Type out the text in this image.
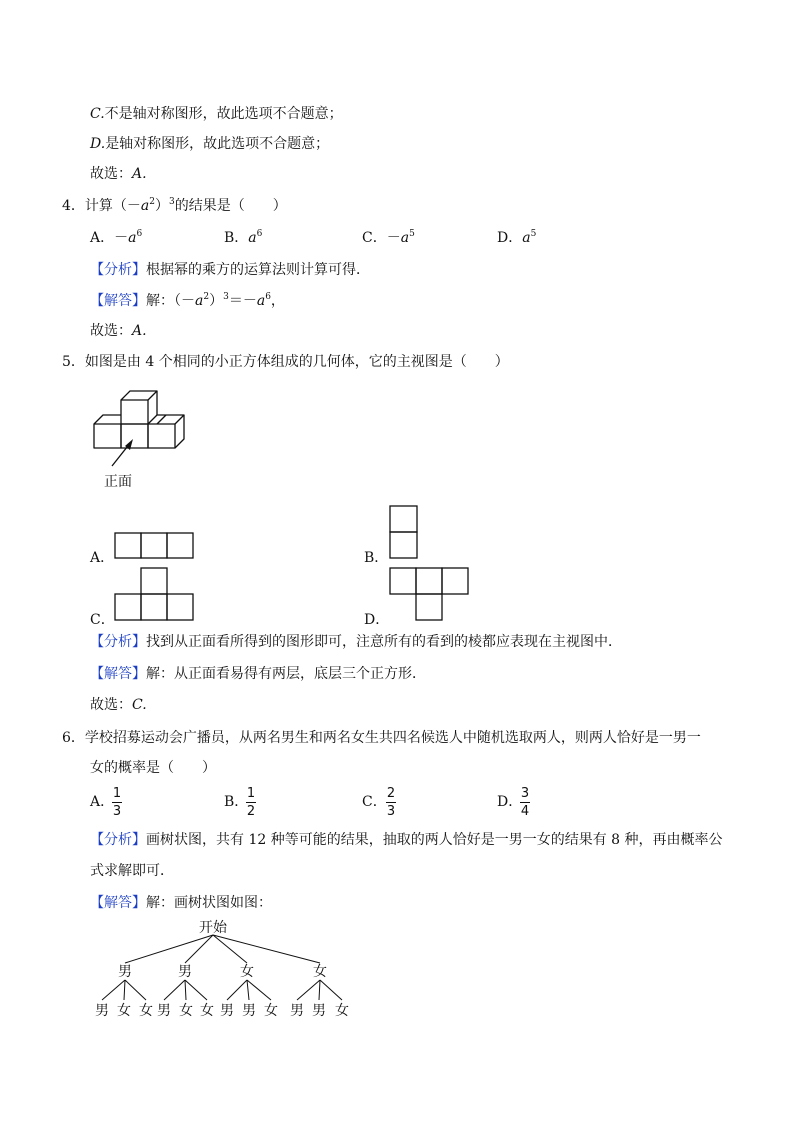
C.不是轴对称图形，故此选项不合题意；
D.是轴对称图形，故此选项不合题意；
故选：A.
4．计算$(-a^2)^3$的结果是（　　）
A．$-a^6$	B．$a^6$	C．$-a^5$	D．$a^5$
【分析】根据幂的乘方的运算法则计算可得．
【解答】解：$(-a^2)^3=-a^6$，
故选：A.
5．如图是由 4 个相同的小正方体组成的几何体，它的主视图是（　　）
正面
A．	B．
C．	D．
【分析】找到从正面看所得到的图形即可，注意所有的看到的棱都应表现在主视图中．
【解答】解：从正面看易得有两层，底层三个正方形．
故选：C.
6．学校招募运动会广播员，从两名男生和两名女生共四名候选人中随机选取两人，则两人恰好是一男一
女的概率是（　　）
A．
1
3
B．
1
2
C．
2
3
D．
3
4
【分析】画树状图，共有 12 种等可能的结果，抽取的两人恰好是一男一女的结果有 8 种，再由概率公
式求解即可．
【解答】解：画树状图如图：
开始
男	男	女	女
男 女 女 男 女 女 男 男 女 男 男 女
